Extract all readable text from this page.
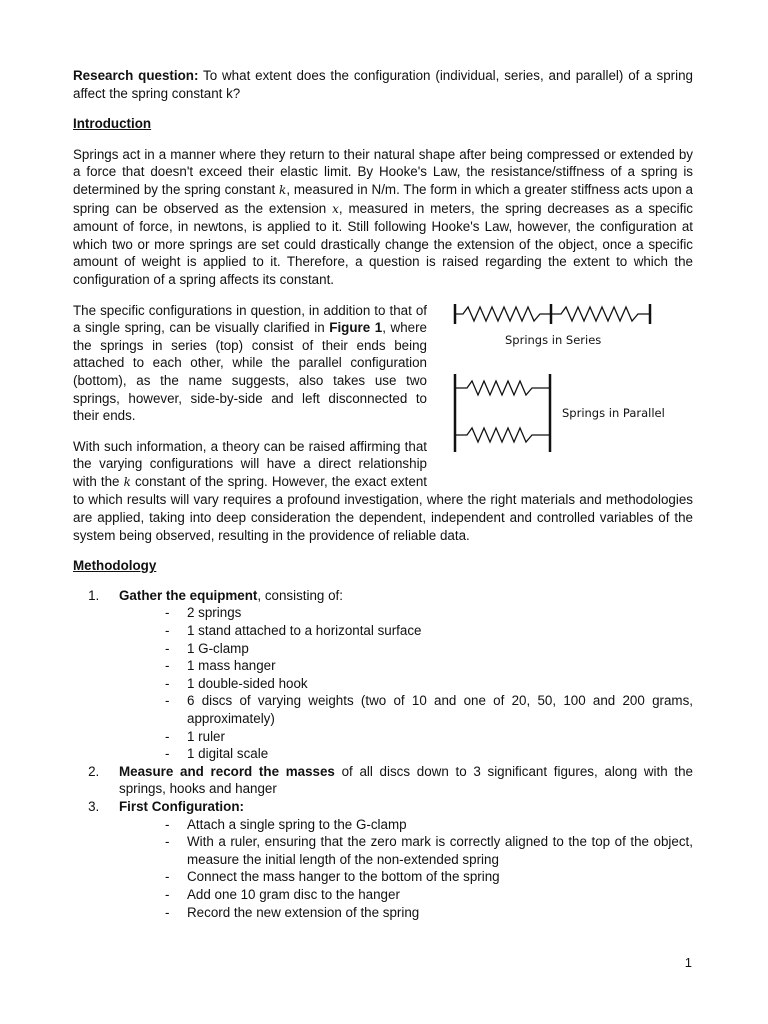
Research question: To what extent does the configuration (individual, series, and parallel) of a spring affect the spring constant k?

Introduction

Springs act in a manner where they return to their natural shape after being compressed or extended by a force that doesn't exceed their elastic limit. By Hooke's Law, the resistance/stiffness of a spring is determined by the spring constant k, measured in N/m. The form in which a greater stiffness acts upon a spring can be observed as the extension x, measured in meters, the spring decreases as a specific amount of force, in newtons, is applied to it. Still following Hooke's Law, however, the configuration at which two or more springs are set could drastically change the extension of the object, once a specific amount of weight is applied to it. Therefore, a question is raised regarding the extent to which the configuration of a spring affects its constant.

Springs in Series
Springs in Parallel

The specific configurations in question, in addition to that of a single spring, can be visually clarified in Figure 1, where the springs in series (top) consist of their ends being attached to each other, while the parallel configuration (bottom), as the name suggests, also takes use two springs, however, side-by-side and left disconnected to their ends.

With such information, a theory can be raised affirming that the varying configurations will have a direct relationship with the k constant of the spring. However, the exact extent to which results will vary requires a profound investigation, where the right materials and methodologies are applied, taking into deep consideration the dependent, independent and controlled variables of the system being observed, resulting in the providence of reliable data.

Methodology

1. Gather the equipment, consisting of:
- 2 springs
- 1 stand attached to a horizontal surface
- 1 G-clamp
- 1 mass hanger
- 1 double-sided hook
- 6 discs of varying weights (two of 10 and one of 20, 50, 100 and 200 grams, approximately)
- 1 ruler
- 1 digital scale
2. Measure and record the masses of all discs down to 3 significant figures, along with the springs, hooks and hanger
3. First Configuration:
- Attach a single spring to the G-clamp
- With a ruler, ensuring that the zero mark is correctly aligned to the top of the object, measure the initial length of the non-extended spring
- Connect the mass hanger to the bottom of the spring
- Add one 10 gram disc to the hanger
- Record the new extension of the spring
1
